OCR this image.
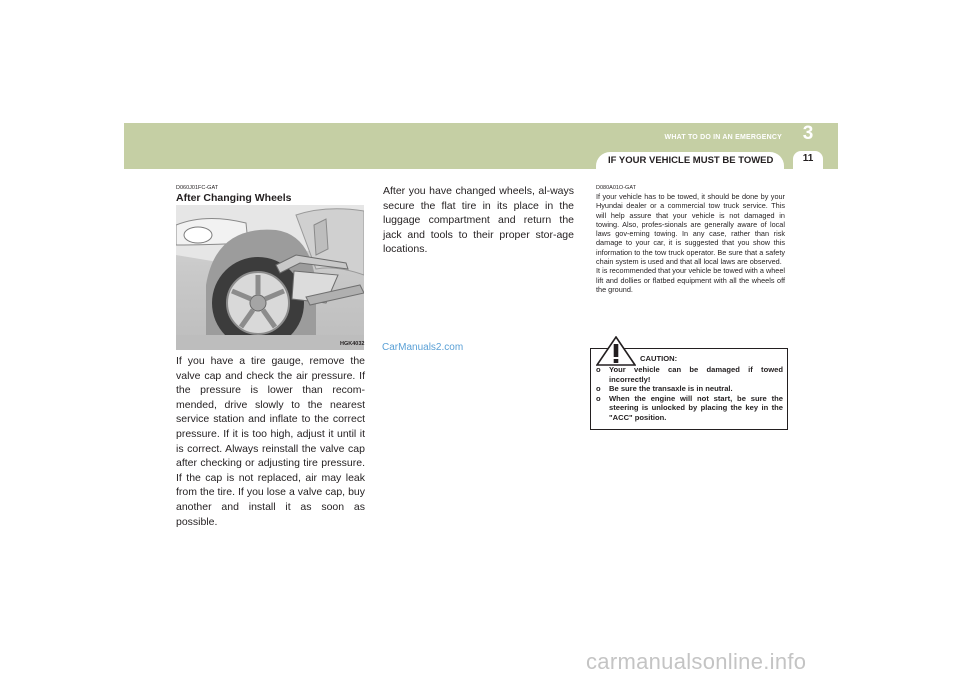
WHAT TO DO IN AN EMERGENCY	3
11
D060J01FC-GAT
After Changing Wheels
HGK4032
If you have a tire gauge, remove the valve cap and check the air pressure. If the pressure is lower than recom-mended, drive slowly to the nearest service station and inflate to the correct pressure. If it is too high, adjust it until it is correct. Always reinstall the valve cap after checking or adjusting tire pressure. If the cap is not replaced, air may leak from the tire. If you lose a valve cap, buy another and install it as soon as possible.
After you have changed wheels, al-ways secure the flat tire in its place in the luggage compartment and return the jack and tools to their proper stor-age locations.
CarManuals2.com
IF YOUR VEHICLE MUST BE TOWED
D080A01O-GAT

If your vehicle has to be towed, it should be done by your Hyundai dealer or a commercial tow truck service. This will help assure that your vehicle is not damaged in towing. Also, profes-sionals are generally aware of local laws gov-erning towing. In any case, rather than risk damage to your car, it is suggested that you show this information to the tow truck operator. Be sure that a safety chain system is used and that all local laws are observed.

It is recommended that your vehicle be towed with a wheel lift and dollies or flatbed equipment with all the wheels off the ground.

CAUTION:
o Your vehicle can be damaged if towed incorrectly!
o Be sure the transaxle is in neutral.
o When the engine will not start, be sure the steering is unlocked by placing the key in the "ACC" position.
carmanualsonline.info
